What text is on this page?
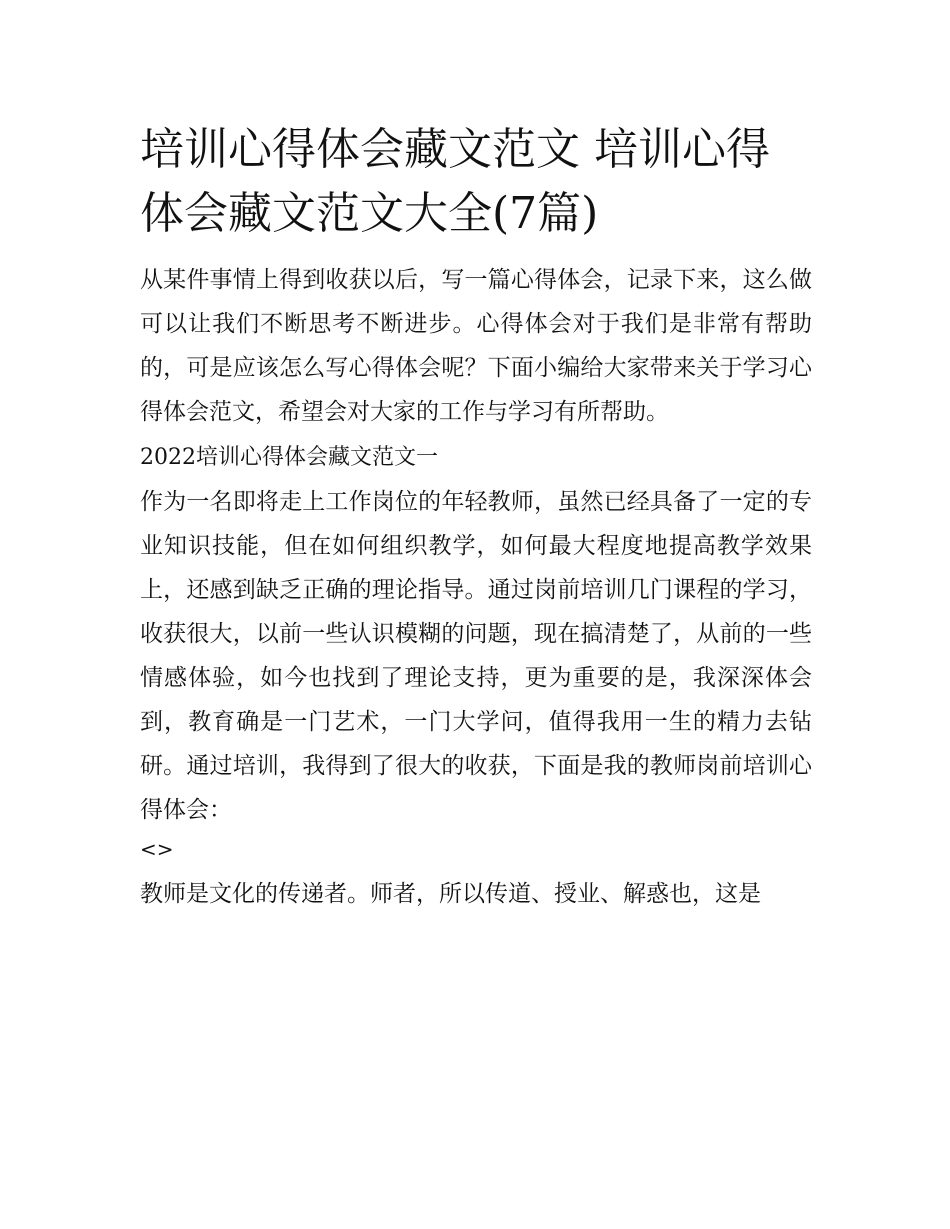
培训心得体会藏文范文 培训心得体会藏文范文大全(7篇)

从某件事情上得到收获以后，写一篇心得体会，记录下来，这么做可以让我们不断思考不断进步。心得体会对于我们是非常有帮助的，可是应该怎么写心得体会呢？下面小编给大家带来关于学习心得体会范文，希望会对大家的工作与学习有所帮助。

2022培训心得体会藏文范文一

作为一名即将走上工作岗位的年轻教师，虽然已经具备了一定的专业知识技能，但在如何组织教学，如何最大程度地提高教学效果上，还感到缺乏正确的理论指导。通过岗前培训几门课程的学习，收获很大，以前一些认识模糊的问题，现在搞清楚了，从前的一些情感体验，如今也找到了理论支持，更为重要的是，我深深体会到，教育确是一门艺术，一门大学问，值得我用一生的精力去钻研。通过培训，我得到了很大的收获，下面是我的教师岗前培训心得体会：

<>

教师是文化的传递者。师者，所以传道、授业、解惑也，这是
